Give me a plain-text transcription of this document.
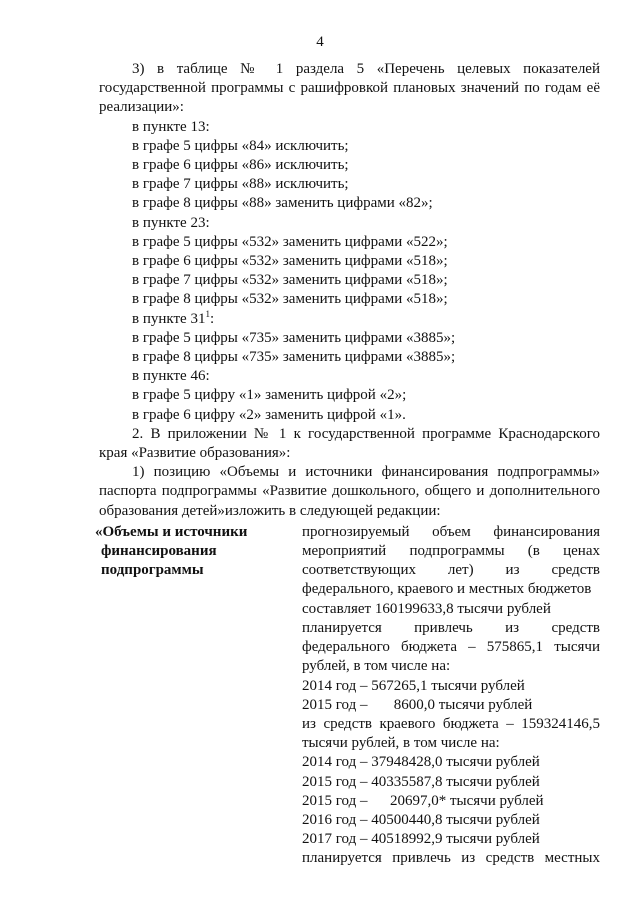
4
3) в таблице № 1 раздела 5 «Перечень целевых показателей
государственной программы с рашифровкой плановых значений по годам её
реализации»:
в пункте 13:
в графе 5 цифры «84» исключить;
в графе 6 цифры «86» исключить;
в графе 7 цифры «88» исключить;
в графе 8 цифры «88» заменить цифрами «82»;
в пункте 23:
в графе 5 цифры «532» заменить цифрами «522»;
в графе 6 цифры «532» заменить цифрами «518»;
в графе 7 цифры «532» заменить цифрами «518»;
в графе 8 цифры «532» заменить цифрами «518»;
в пункте $31^1$:
в графе 5 цифры «735» заменить цифрами «3885»;
в графе 8 цифры «735» заменить цифрами «3885»;
в пункте 46:
в графе 5 цифру «1» заменить цифрой «2»;
в графе 6 цифру «2» заменить цифрой «1».
2. В приложении № 1 к государственной программе Краснодарского
края «Развитие образования»:
1) позицию «Объемы и источники финансирования подпрограммы»
паспорта подпрограммы «Развитие дошкольного, общего и дополнительного
образования детей»изложить в следующей редакции:
«Объемы и источники
финансирования
подпрограммы
прогнозируемый объем финансирования
мероприятий подпрограммы (в ценах
соответствующих лет) из средств
федерального, краевого и местных бюджетов
составляет 160199633,8 тысячи рублей
планируется привлечь из средств
федерального бюджета – 575865,1 тысячи
рублей, в том числе на:
2014 год – 567265,1 тысячи рублей
2015 год –       8600,0 тысячи рублей
из средств краевого бюджета – 159324146,5
тысячи рублей, в том числе на:
2014 год – 37948428,0 тысячи рублей
2015 год – 40335587,8 тысячи рублей
2015 год –      20697,0* тысячи рублей
2016 год – 40500440,8 тысячи рублей
2017 год – 40518992,9 тысячи рублей
планируется привлечь из средств местных
